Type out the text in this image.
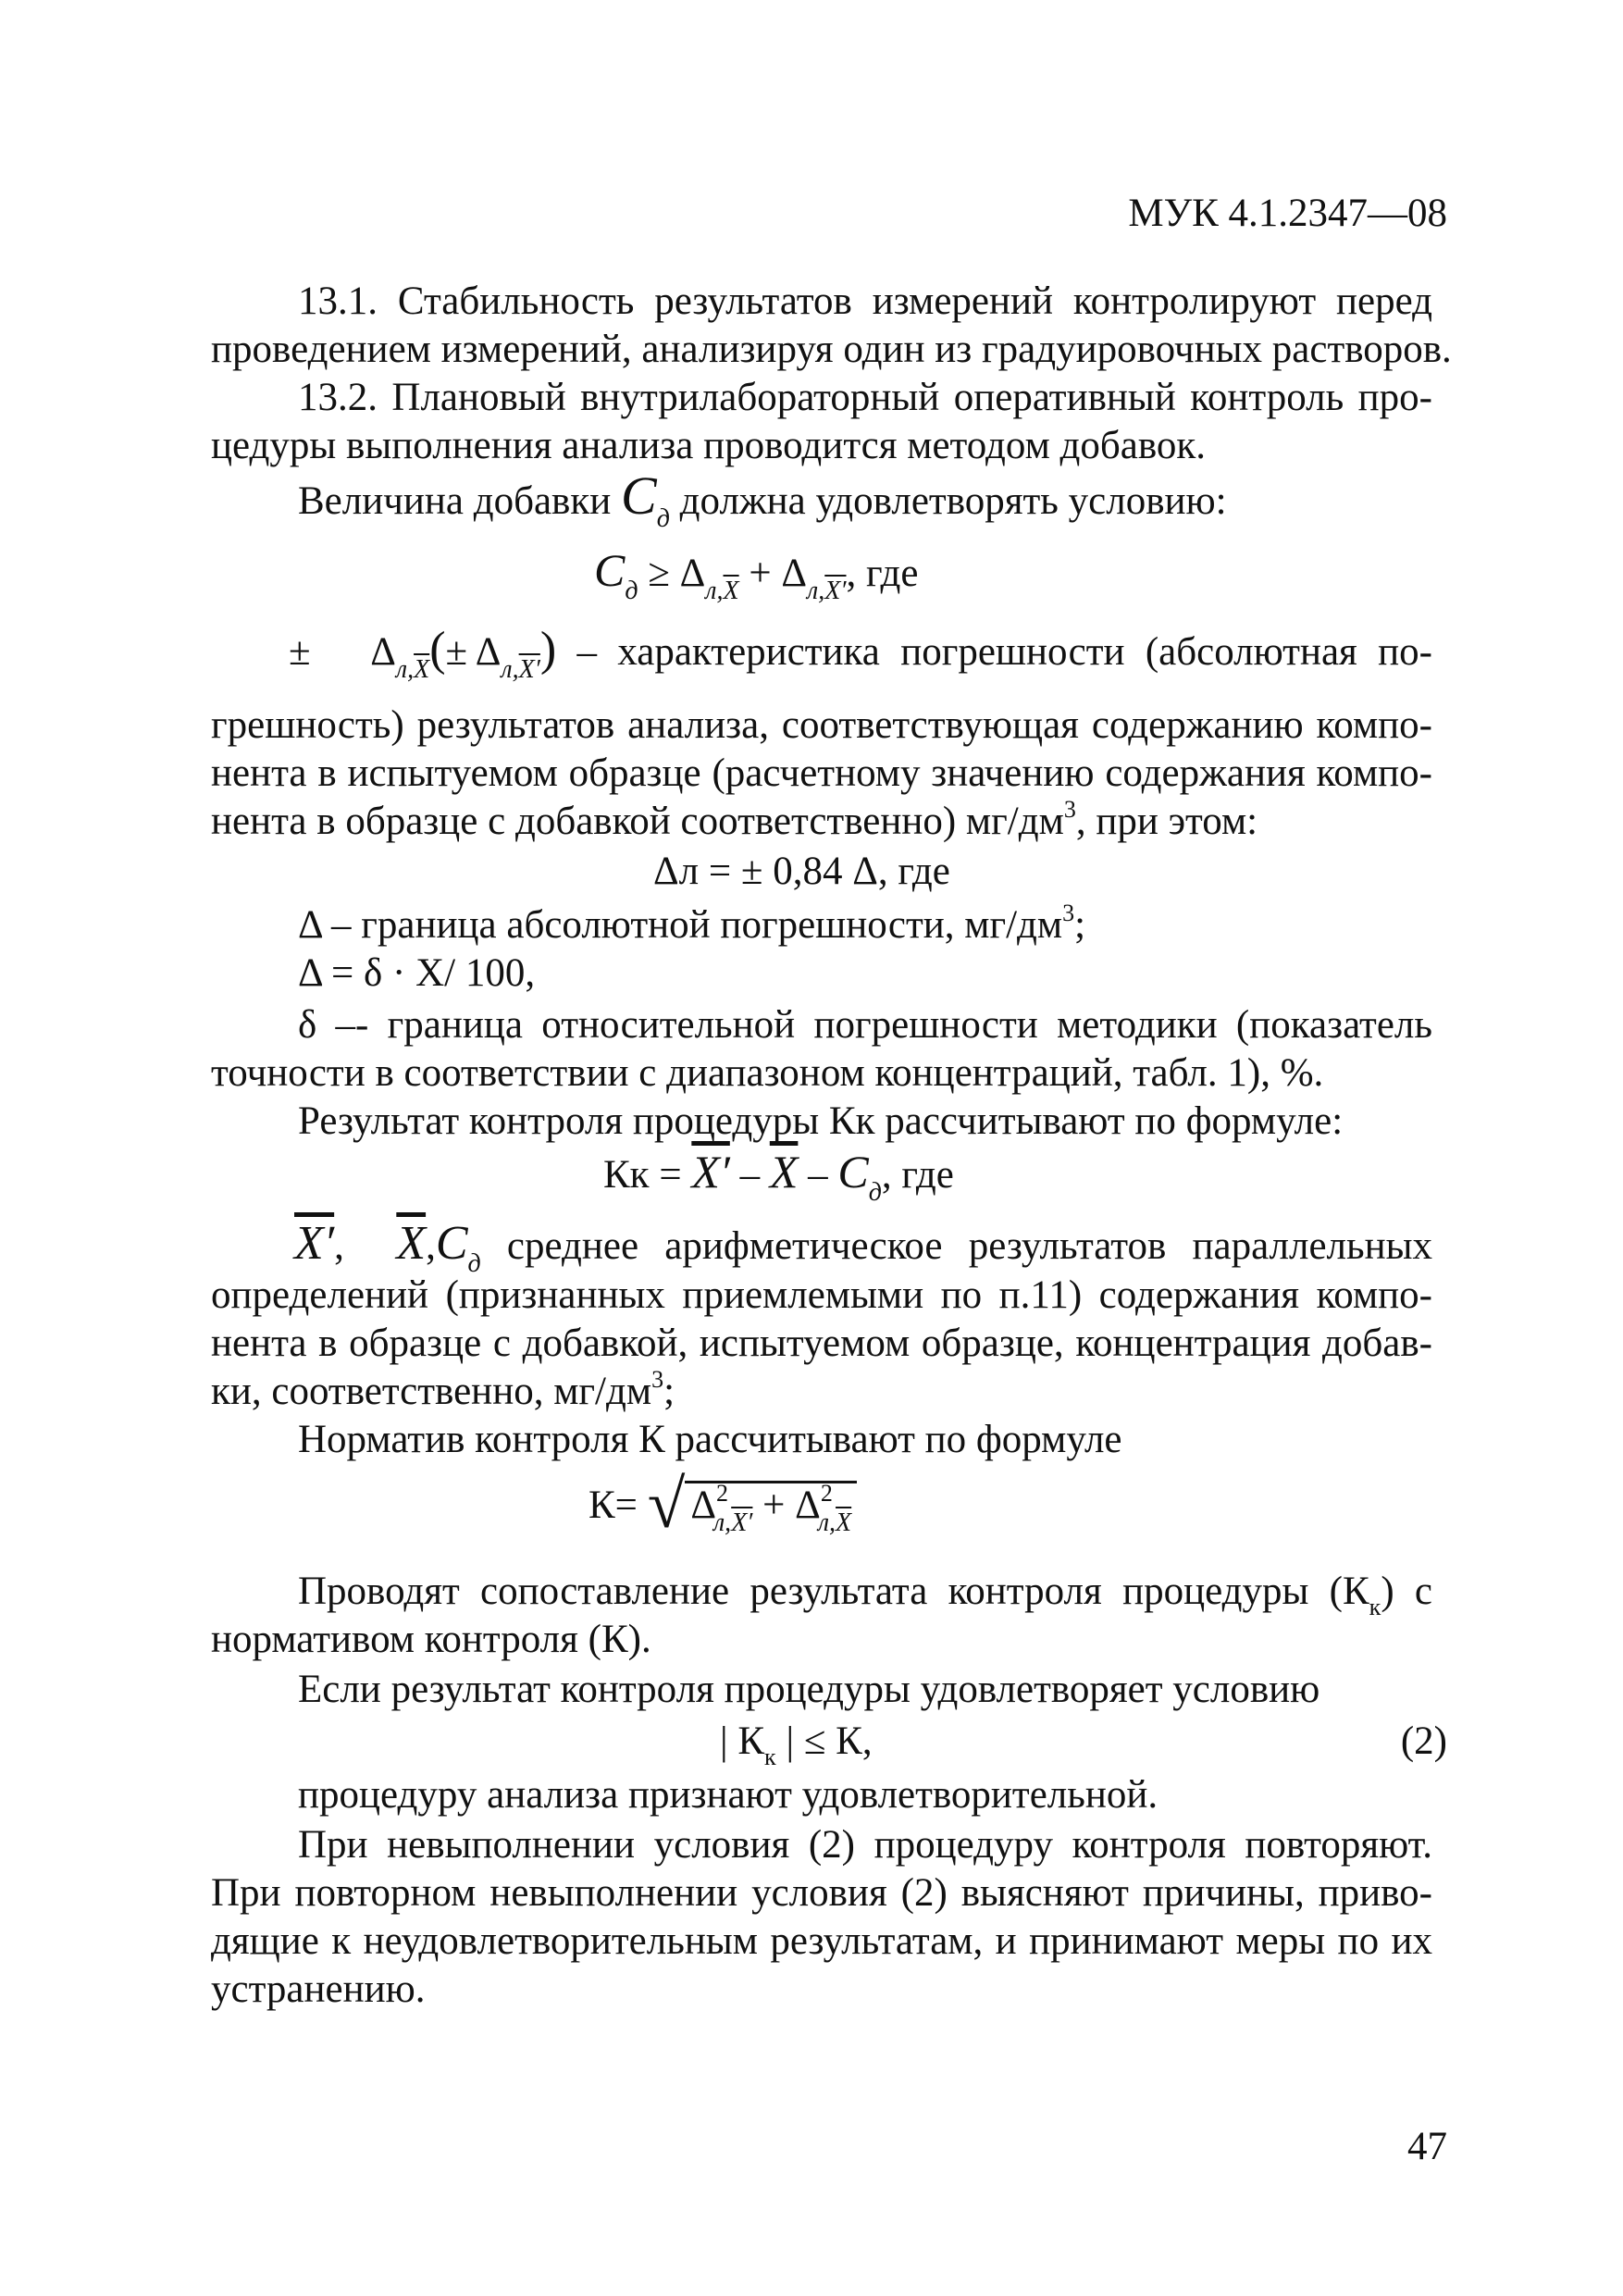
МУК 4.1.2347—08
13.1. Стабильность результатов измерений контролируют перед
проведением измерений, анализируя один из градуировочных растворов.
13.2. Плановый внутрилабораторный оперативный контроль про-
цедуры выполнения анализа проводится методом добавок.
Величина добавки $C_д$ должна удовлетворять условию:
$C_д \ge \Delta_{л,\overline{X}} + \Delta_{л,X'}$, где
±   $\Delta_{л,\overline{X}}(\pm \Delta_{л,X'})$ – характеристика погрешности (абсолютная по-
грешность) результатов анализа, соответствующая содержанию компо-
нента в испытуемом образце (расчетному значению содержания компо-
нента в образце с добавкой соответственно) $мг/дм^3$, при этом:
Δл = ± 0,84 Δ, где
Δ – граница абсолютной погрешности, $мг/дм^3$;
Δ = δ · Х/ 100,
δ –- граница относительной погрешности методики (показатель
точности в соответствии с диапазоном концентраций, табл. 1), %.
Результат контроля процедуры Кк рассчитывают по формуле:
Кк = $X' - \overline{X} - C_д$, где
X′,  $\overline{X},C_д$ среднее арифметическое результатов параллельных
определений (признанных приемлемыми по п.11) содержания компо-
нента в образце с добавкой, испытуемом образце, концентрация добав-
ки, соответственно, $мг/дм^3$;
Норматив контроля К рассчитывают по формуле
К= √ $\Delta^2_{л,X'} + \Delta^2_{л,\overline{X}}$
Проводят сопоставление результата контроля процедуры $(К_к)$ с
нормативом контроля (К).
Если результат контроля процедуры удовлетворяет условию
| $К_к$ | ≤ К,	(2)
процедуру анализа признают удовлетворительной.
При невыполнении условия (2) процедуру контроля повторяют.
При повторном невыполнении условия (2) выясняют причины, приво-
дящие к неудовлетворительным результатам, и принимают меры по их
устранению.
47
